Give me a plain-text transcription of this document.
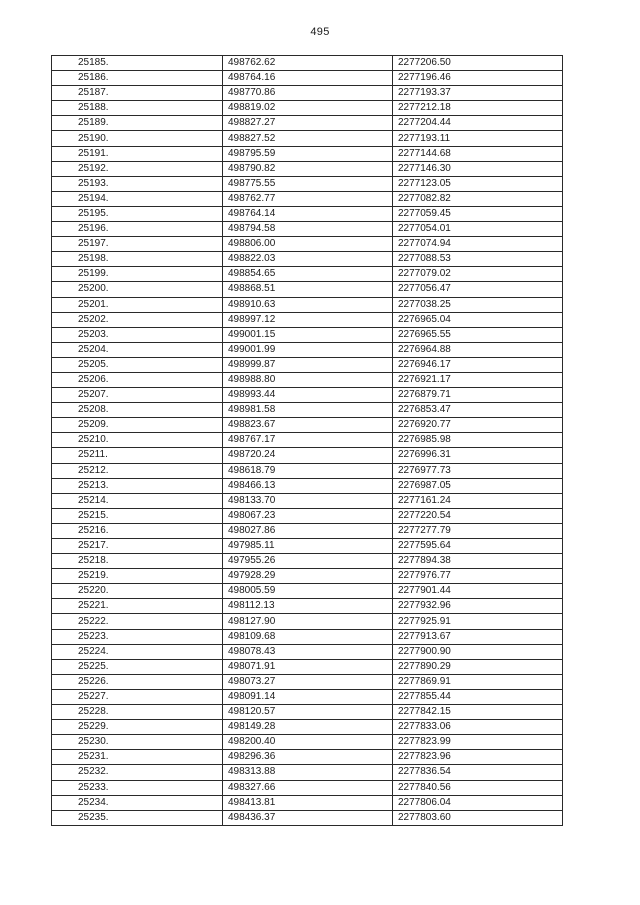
495
25185.	498762.62	2277206.50
25186.	498764.16	2277196.46
25187.	498770.86	2277193.37
25188.	498819.02	2277212.18
25189.	498827.27	2277204.44
25190.	498827.52	2277193.11
25191.	498795.59	2277144.68
25192.	498790.82	2277146.30
25193.	498775.55	2277123.05
25194.	498762.77	2277082.82
25195.	498764.14	2277059.45
25196.	498794.58	2277054.01
25197.	498806.00	2277074.94
25198.	498822.03	2277088.53
25199.	498854.65	2277079.02
25200.	498868.51	2277056.47
25201.	498910.63	2277038.25
25202.	498997.12	2276965.04
25203.	499001.15	2276965.55
25204.	499001.99	2276964.88
25205.	498999.87	2276946.17
25206.	498988.80	2276921.17
25207.	498993.44	2276879.71
25208.	498981.58	2276853.47
25209.	498823.67	2276920.77
25210.	498767.17	2276985.98
25211.	498720.24	2276996.31
25212.	498618.79	2276977.73
25213.	498466.13	2276987.05
25214.	498133.70	2277161.24
25215.	498067.23	2277220.54
25216.	498027.86	2277277.79
25217.	497985.11	2277595.64
25218.	497955.26	2277894.38
25219.	497928.29	2277976.77
25220.	498005.59	2277901.44
25221.	498112.13	2277932.96
25222.	498127.90	2277925.91
25223.	498109.68	2277913.67
25224.	498078.43	2277900.90
25225.	498071.91	2277890.29
25226.	498073.27	2277869.91
25227.	498091.14	2277855.44
25228.	498120.57	2277842.15
25229.	498149.28	2277833.06
25230.	498200.40	2277823.99
25231.	498296.36	2277823.96
25232.	498313.88	2277836.54
25233.	498327.66	2277840.56
25234.	498413.81	2277806.04
25235.	498436.37	2277803.60
